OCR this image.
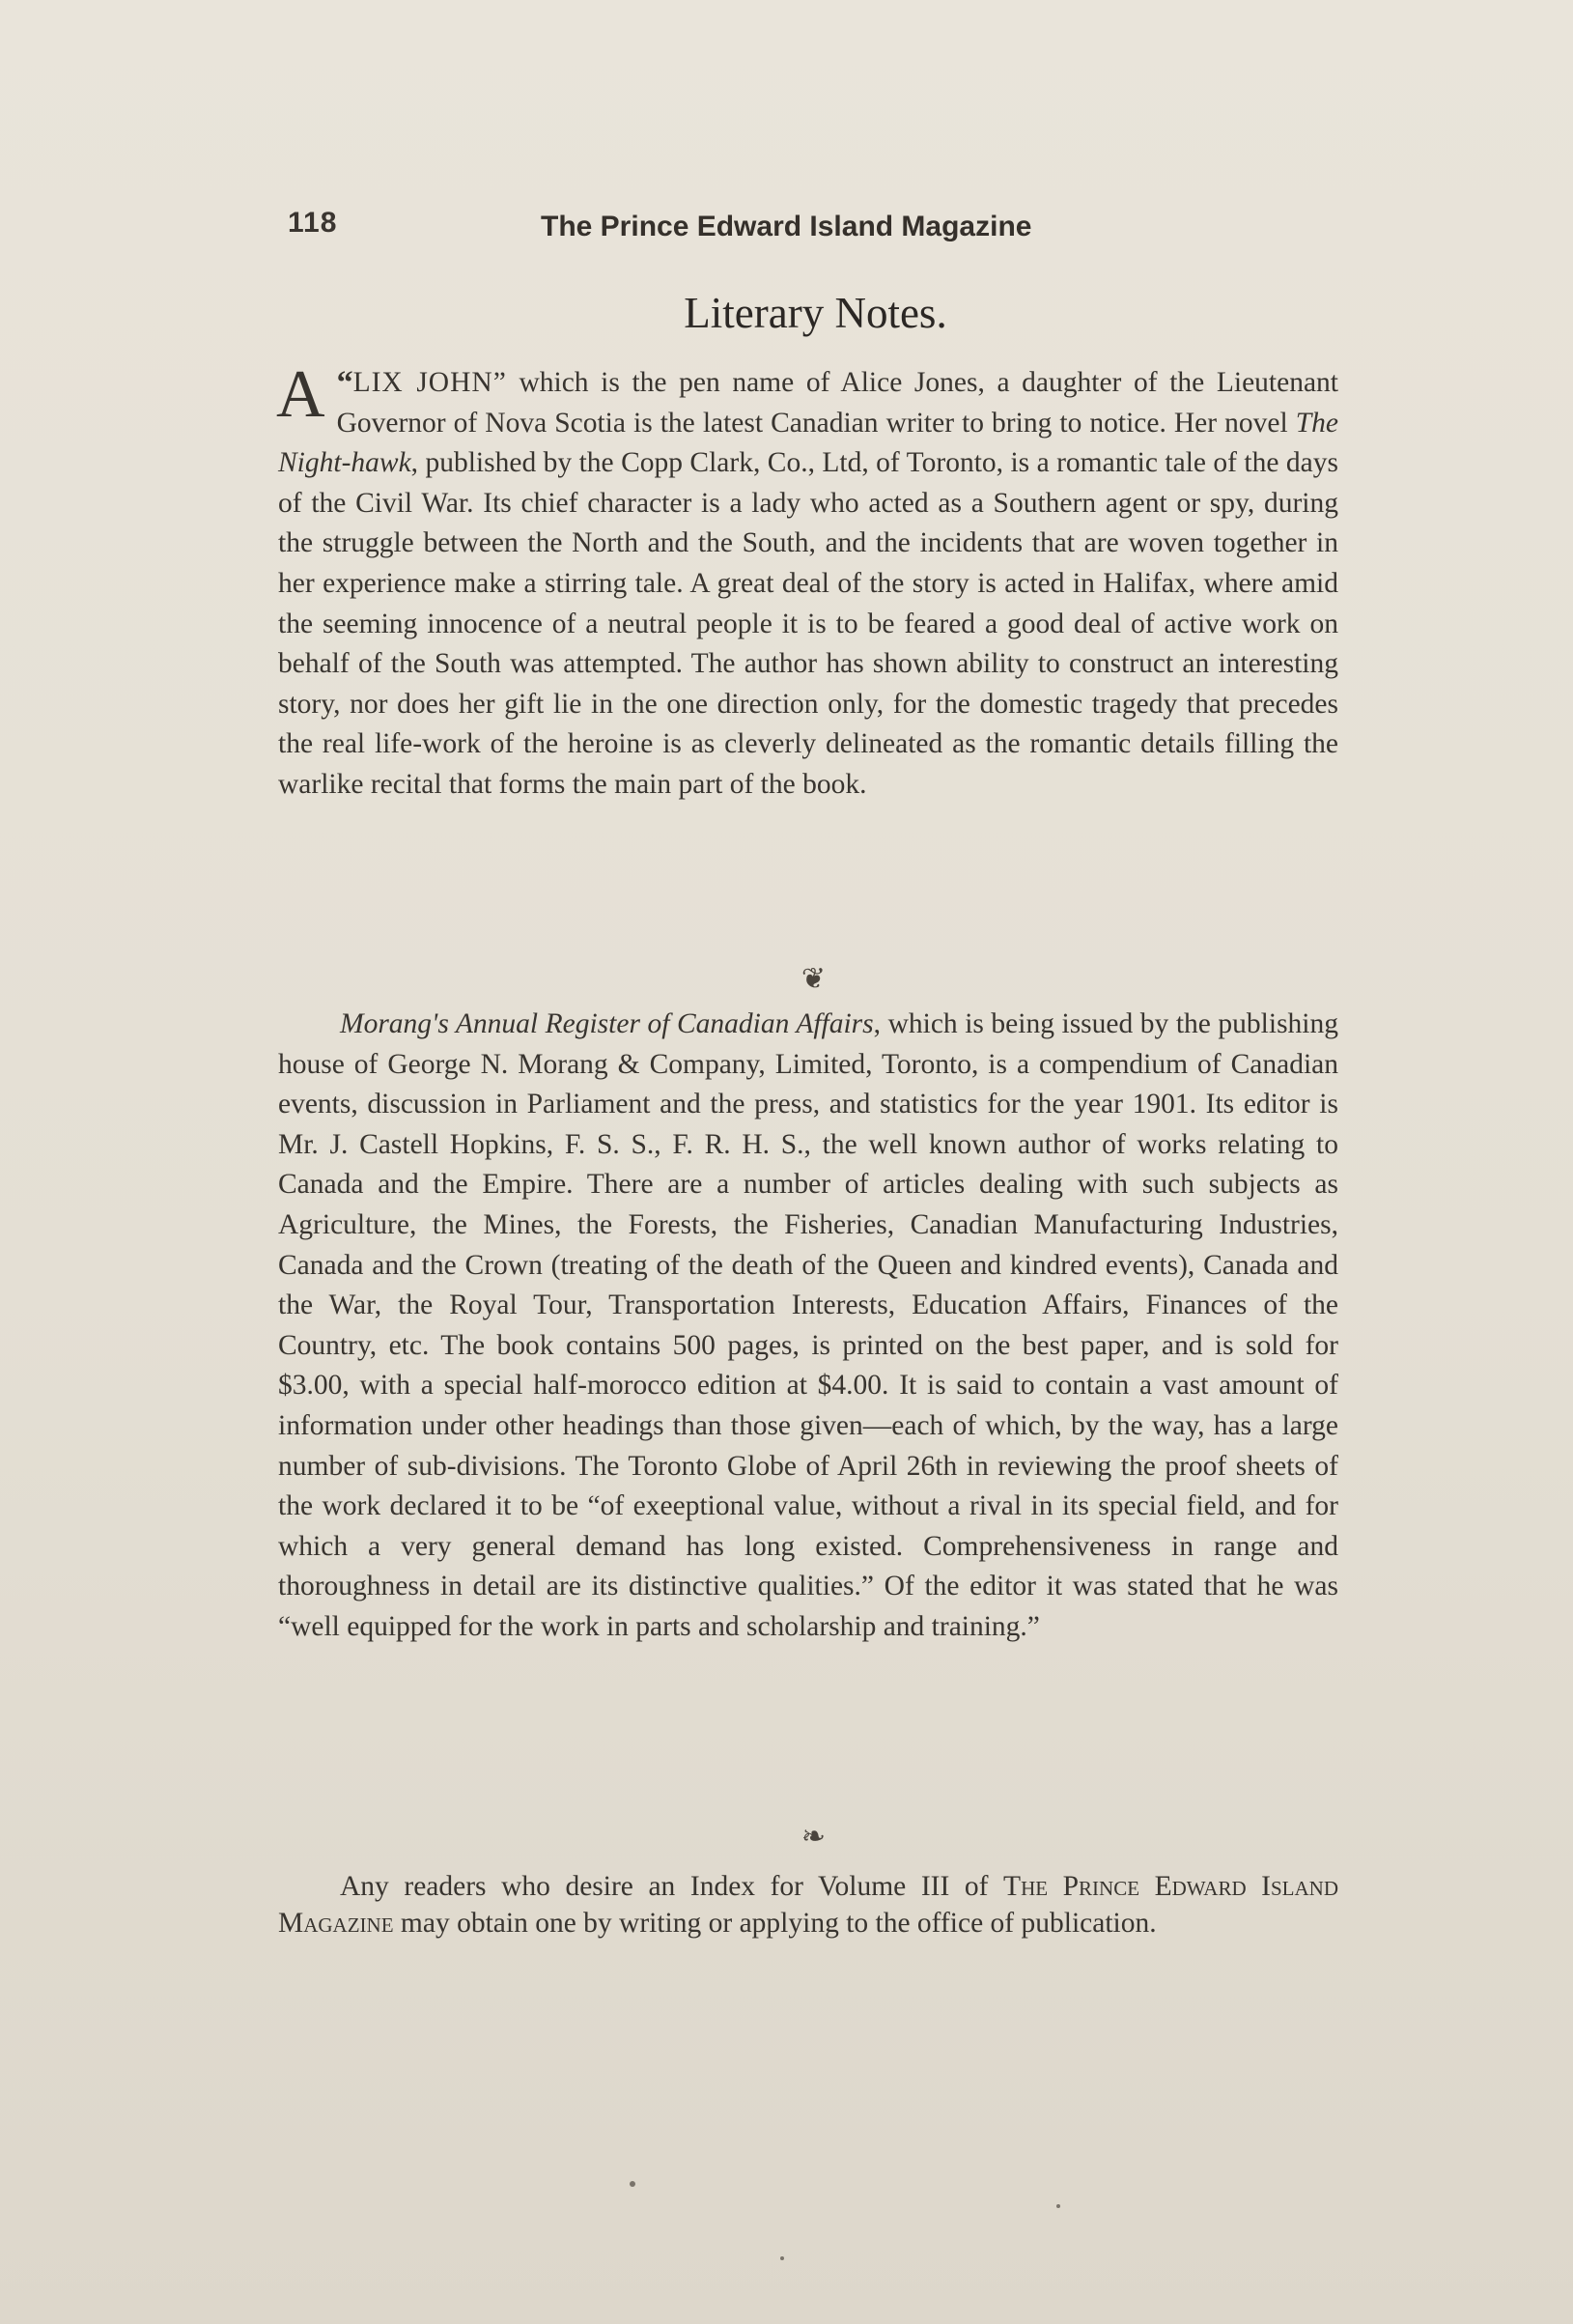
118	The Prince Edward Island Magazine
Literary Notes.

“
A LIX JOHN” which is the pen name of Alice Jones, a daughter of the Lieutenant Governor of Nova Scotia is the latest Canadian writer to bring to notice. Her novel The Night-hawk, published by the Copp Clark, Co., Ltd, of Toronto, is a romantic tale of the days of the Civil War. Its chief character is a lady who acted as a Southern agent or spy, during the struggle between the North and the South, and the incidents that are woven together in her experience make a stirring tale. A great deal of the story is acted in Halifax, where amid the seeming innocence of a neutral people it is to be feared a good deal of active work on behalf of the South was attempted. The author has shown ability to construct an interesting story, nor does her gift lie in the one direction only, for the domestic tragedy that precedes the real life-work of the heroine is as cleverly delineated as the romantic details filling the warlike recital that forms the main part of the book.

❦

Morang's Annual Register of Canadian Affairs, which is being issued by the publishing house of George N. Morang & Company, Limited, Toronto, is a compendium of Canadian events, discussion in Parliament and the press, and statistics for the year 1901. Its editor is Mr. J. Castell Hopkins, F. S. S., F. R. H. S., the well known author of works relating to Canada and the Empire. There are a number of articles dealing with such subjects as Agriculture, the Mines, the Forests, the Fisheries, Canadian Manufacturing Industries, Canada and the Crown (treating of the death of the Queen and kindred events), Canada and the War, the Royal Tour, Transportation Interests, Education Affairs, Finances of the Country, etc. The book contains 500 pages, is printed on the best paper, and is sold for $3.00, with a special half-morocco edition at $4.00. It is said to contain a vast amount of information under other headings than those given—each of which, by the way, has a large number of sub-divisions. The Toronto Globe of April 26th in reviewing the proof sheets of the work declared it to be “of exeeptional value, without a rival in its special field, and for which a very general demand has long existed. Comprehensiveness in range and thoroughness in detail are its distinctive qualities.” Of the editor it was stated that he was “well equipped for the work in parts and scholarship and training.”

❧

Any readers who desire an Index for Volume III of The Prince Edward Island Magazine may obtain one by writing or applying to the office of publication.
